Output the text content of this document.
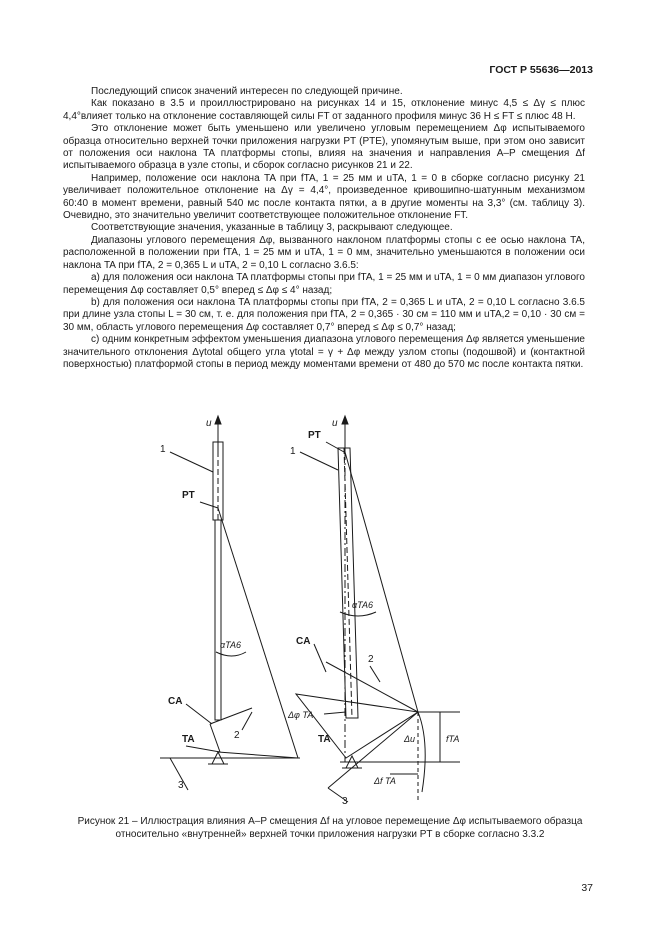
ГОСТ Р 55636—2013

Последующий список значений интересен по следующей причине.

Как показано в 3.5 и проиллюстрировано на рисунках 14 и 15, отклонение минус 4,5 ≤ Δγ ≤ плюс 4,4°влияет только на отклонение составляющей силы FT от заданного профиля минус 36 Н ≤ FT ≤ плюс 48 Н.

Это отклонение может быть уменьшено или увеличено угловым перемещением Δφ испытываемого образца относительно верхней точки приложения нагрузки PT (PTE), упомянутым выше, при этом оно зависит от положения оси наклона TA платформы стопы, влияя на значения и направления A–P смещения Δf испытываемого образца в узле стопы, и сборок согласно рисунков 21 и 22.

Например, положение оси наклона TA при fTA, 1 = 25 мм и uTA, 1 = 0 в сборке согласно рисунку 21 увеличивает положительное отклонение на Δγ = 4,4°, произведенное кривошипно-шатунным механизмом 60:40 в момент времени, равный 540 мс после контакта пятки, а в другие моменты на 3,3° (см. таблицу 3). Очевидно, это значительно увеличит соответствующее положительное отклонение FT.

Соответствующие значения, указанные в таблицу 3, раскрывают следующее.

Диапазоны углового перемещения Δφ, вызванного наклоном платформы стопы с ее осью наклона TA, расположенной в положении при fTA, 1 = 25 мм и uTA, 1 = 0 мм, значительно уменьшаются в положении оси наклона TA при fTA, 2 = 0,365 L и uTA, 2 = 0,10 L согласно 3.6.5:

а) для положения оси наклона TA платформы стопы при fTA, 1 = 25 мм и uTA, 1 = 0 мм диапазон углового перемещения Δφ составляет 0,5° вперед ≤ Δφ ≤ 4° назад;

b) для положения оси наклона TA платформы стопы при fTA, 2 = 0,365 L и uTA, 2 = 0,10 L согласно 3.6.5 при длине узла стопы L = 30 см, т. е. для положения при fTA, 2 = 0,365 · 30 см = 110 мм и uTA,2 = 0,10 · 30 см = 30 мм, область углового перемещения Δφ составляет 0,7° вперед ≤ Δφ ≤ 0,7° назад;

c) одним конкретным эффектом уменьшения диапазона углового перемещения Δφ является уменьшение значительного отклонения Δγtotal общего угла γtotal = γ + Δφ между узлом стопы (подошвой) и (контактной поверхностью) платформой стопы в период между моментами времени от 480 до 570 мс после контакта пятки.

u
1
PT
αTA6
CA
2
TA
3
u
1
PT
αTA6
CA
2
TA
3
Δφ TA
fTA
Δu
Δf TA
Рисунок 21 – Иллюстрация влияния A–P смещения Δf на угловое перемещение Δφ испытываемого образца относительно «внутренней» верхней точки приложения нагрузки PT в сборке согласно 3.3.2
37
